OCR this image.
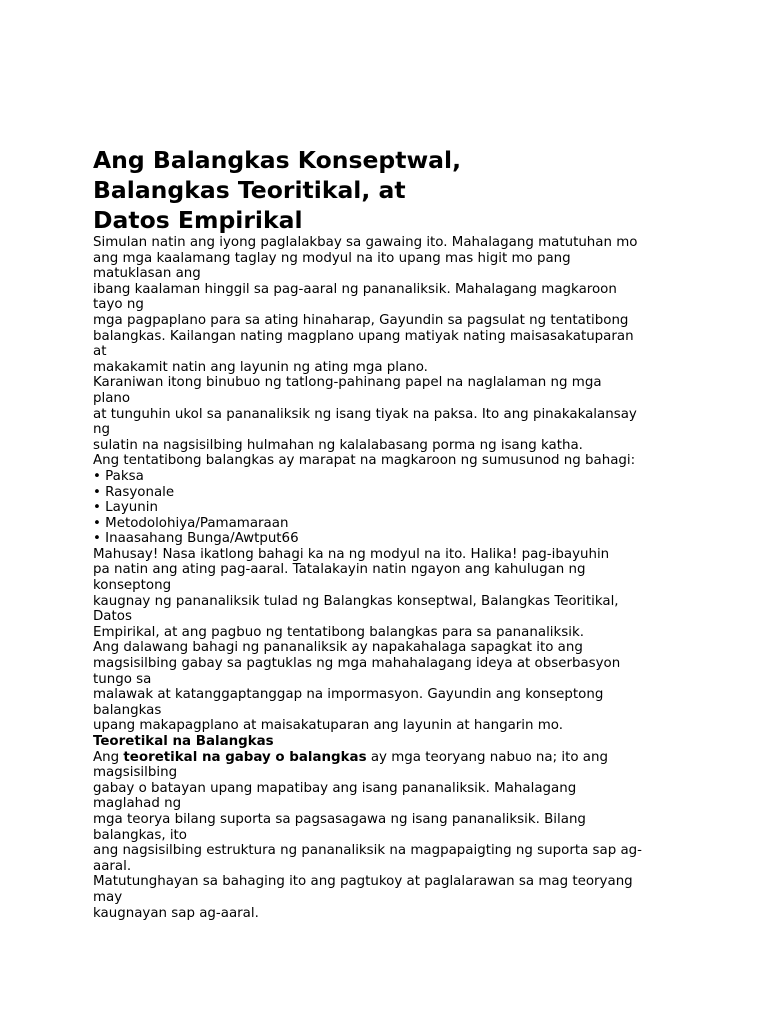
Ang Balangkas Konseptwal,
Balangkas Teoritikal, at
Datos Empirikal
Simulan natin ang iyong paglalakbay sa gawaing ito. Mahalagang matutuhan mo
ang mga kaalamang taglay ng modyul na ito upang mas higit mo pang
matuklasan ang
ibang kaalaman hinggil sa pag-aaral ng pananaliksik. Mahalagang magkaroon
tayo ng
mga pagpaplano para sa ating hinaharap, Gayundin sa pagsulat ng tentatibong
balangkas. Kailangan nating magplano upang matiyak nating maisasakatuparan
at
makakamit natin ang layunin ng ating mga plano.
Karaniwan itong binubuo ng tatlong-pahinang papel na naglalaman ng mga
plano
at tunguhin ukol sa pananaliksik ng isang tiyak na paksa. Ito ang pinakakalansay
ng
sulatin na nagsisilbing hulmahan ng kalalabasang porma ng isang katha.
Ang tentatibong balangkas ay marapat na magkaroon ng sumusunod ng bahagi:
• Paksa
• Rasyonale
• Layunin
• Metodolohiya/Pamamaraan
• Inaasahang Bunga/Awtput66
Mahusay! Nasa ikatlong bahagi ka na ng modyul na ito. Halika! pag-ibayuhin
pa natin ang ating pag-aaral. Tatalakayin natin ngayon ang kahulugan ng
konseptong
kaugnay ng pananaliksik tulad ng Balangkas konseptwal, Balangkas Teoritikal,
Datos
Empirikal, at ang pagbuo ng tentatibong balangkas para sa pananaliksik.
Ang dalawang bahagi ng pananaliksik ay napakahalaga sapagkat ito ang
magsisilbing gabay sa pagtuklas ng mga mahahalagang ideya at obserbasyon
tungo sa
malawak at katanggaptanggap na impormasyon. Gayundin ang konseptong
balangkas
upang makapagplano at maisakatuparan ang layunin at hangarin mo.
Teoretikal na Balangkas
Ang teoretikal na gabay o balangkas ay mga teoryang nabuo na; ito ang
magsisilbing
gabay o batayan upang mapatibay ang isang pananaliksik. Mahalagang
maglahad ng
mga teorya bilang suporta sa pagsasagawa ng isang pananaliksik. Bilang
balangkas, ito
ang nagsisilbing estruktura ng pananaliksik na magpapaigting ng suporta sap ag-
aaral.
Matutunghayan sa bahaging ito ang pagtukoy at paglalarawan sa mag teoryang
may
kaugnayan sap ag-aaral.
